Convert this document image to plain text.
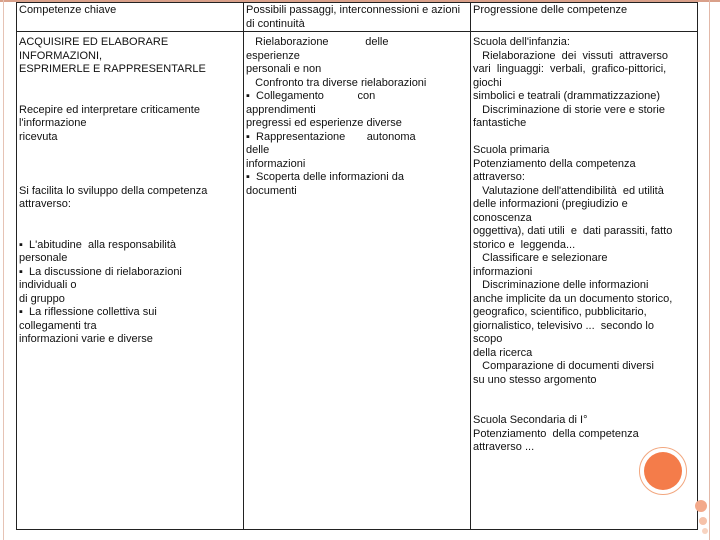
Competenze chiave	Possibili passaggi, interconnessioni e azioni di continuità
Progressione delle competenze
ACQUISIRE ED ELABORARE
INFORMAZIONI,
ESPRIMERLE E RAPPRESENTARLE

Recepire ed interpretare criticamente
l'informazione
ricevuta

Si facilita lo sviluppo della competenza
attraverso:

▪  L'abitudine  alla responsabilità
personale
▪  La discussione di rielaborazioni
individuali o
di gruppo
▪  La riflessione collettiva sui
collegamenti tra
informazioni varie e diverse
Rielaborazione            delle
esperienze
personali e non
Confronto tra diverse rielaborazioni
▪  Collegamento           con
apprendimenti
pregressi ed esperienze diverse
▪  Rappresentazione       autonoma
delle
informazioni
▪  Scoperta delle informazioni da
documenti
Scuola dell'infanzia:
Rielaborazione  dei  vissuti  attraverso
vari  linguaggi:  verbali,  grafico-pittorici,
giochi
simbolici e teatrali (drammatizzazione)
Discriminazione di storie vere e storie
fantastiche

Scuola primaria
Potenziamento della competenza
attraverso:
Valutazione dell'attendibilità  ed utilità
delle informazioni (pregiudizio e
conoscenza
oggettiva), dati utili  e  dati parassiti, fatto
storico e  leggenda...
Classificare e selezionare
informazioni
Discriminazione delle informazioni
anche implicite da un documento storico,
geografico, scientifico, pubblicitario,
giornalistico, televisivo ...  secondo lo
scopo
della ricerca
Comparazione di documenti diversi
su uno stesso argomento

Scuola Secondaria di I°
Potenziamento  della competenza
attraverso ...
